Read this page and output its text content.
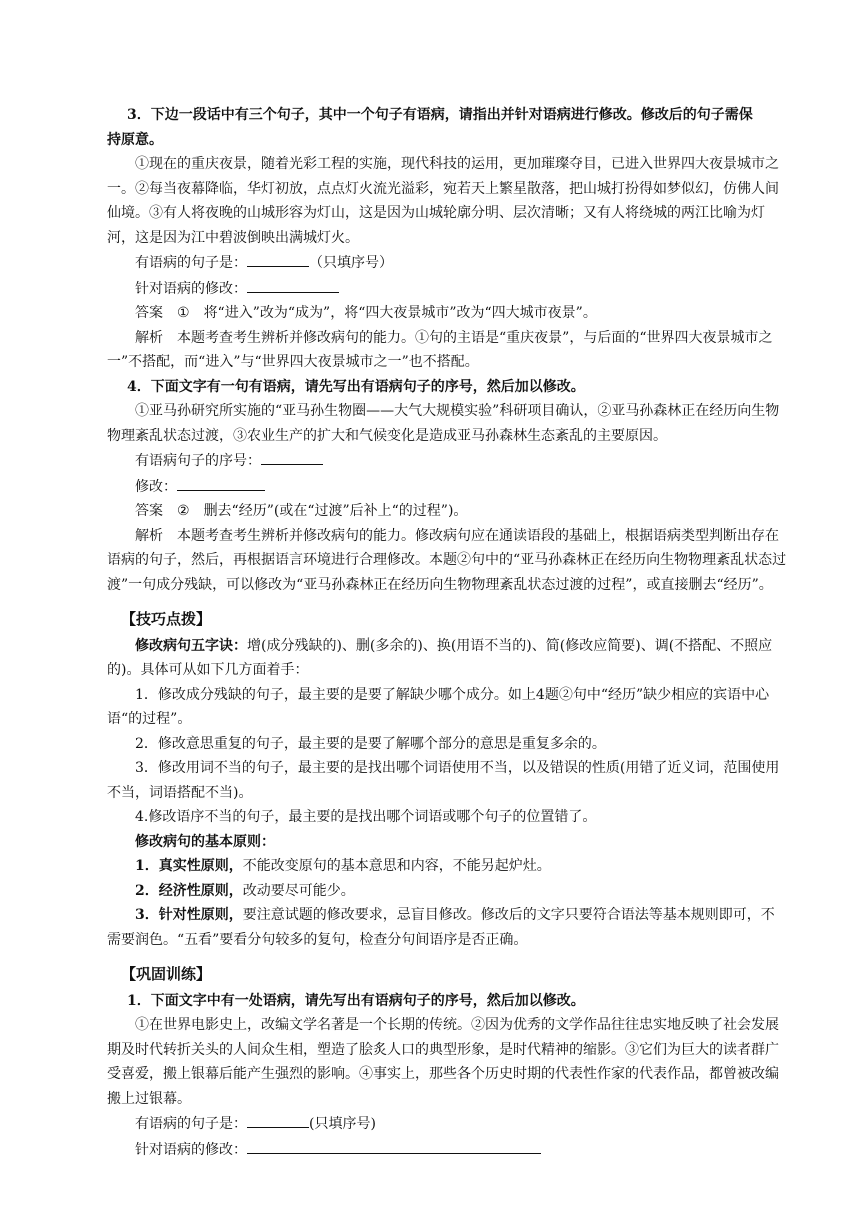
3．下边一段话中有三个句子，其中一个句子有语病，请指出并针对语病进行修改。修改后的句子需保

持原意。

①现在的重庆夜景，随着光彩工程的实施，现代科技的运用，更加璀璨夺目，已进入世界四大夜景城市之一。②每当夜幕降临，华灯初放，点点灯火流光溢彩，宛若天上繁星散落，把山城打扮得如梦似幻，仿佛人间仙境。③有人将夜晚的山城形容为灯山，这是因为山城轮廓分明、层次清晰；又有人将绕城的两江比喻为灯河，这是因为江中碧波倒映出满城灯火。

有语病的句子是：	（只填序号）

针对语病的修改：

答案 ① 将“进入”改为“成为”，将“四大夜景城市”改为“四大城市夜景”。

解析 本题考查考生辨析并修改病句的能力。①句的主语是“重庆夜景”，与后面的“世界四大夜景城市之一”不搭配，而“进入”与“世界四大夜景城市之一”也不搭配。

4．下面文字有一句有语病，请先写出有语病句子的序号，然后加以修改。

①亚马孙研究所实施的“亚马孙生物圈——大气大规模实验”科研项目确认，②亚马孙森林正在经历向生物物理紊乱状态过渡，③农业生产的扩大和气候变化是造成亚马孙森林生态紊乱的主要原因。

有语病句子的序号：

修改：

答案 ② 删去“经历”(或在“过渡”后补上“的过程”)。

解析 本题考查考生辨析并修改病句的能力。修改病句应在通读语段的基础上，根据语病类型判断出存在语病的句子，然后，再根据语言环境进行合理修改。本题②句中的“亚马孙森林正在经历向生物物理紊乱状态过渡”一句成分残缺，可以修改为“亚马孙森林正在经历向生物物理紊乱状态过渡的过程”，或直接删去“经历”。

【技巧点拨】

修改病句五字诀：增(成分残缺的)、删(多余的)、换(用语不当的)、简(修改应简要)、调(不搭配、不照应的)。具体可从如下几方面着手：

1．修改成分残缺的句子，最主要的是要了解缺少哪个成分。如上4题②句中“经历”缺少相应的宾语中心语“的过程”。

2．修改意思重复的句子，最主要的是要了解哪个部分的意思是重复多余的。

3．修改用词不当的句子，最主要的是找出哪个词语使用不当，以及错误的性质(用错了近义词，范围使用不当，词语搭配不当)。

4.修改语序不当的句子，最主要的是找出哪个词语或哪个句子的位置错了。

修改病句的基本原则：

1．真实性原则，不能改变原句的基本意思和内容，不能另起炉灶。

2．经济性原则，改动要尽可能少。

3．针对性原则，要注意试题的修改要求，忌盲目修改。修改后的文字只要符合语法等基本规则即可，不需要润色。“五看”要看分句较多的复句，检查分句间语序是否正确。

【巩固训练】

1．下面文字中有一处语病，请先写出有语病句子的序号，然后加以修改。

①在世界电影史上，改编文学名著是一个长期的传统。②因为优秀的文学作品往往忠实地反映了社会发展期及时代转折关头的人间众生相，塑造了脍炙人口的典型形象，是时代精神的缩影。③它们为巨大的读者群广受喜爱，搬上银幕后能产生强烈的影响。④事实上，那些各个历史时期的代表性作家的代表作品，都曾被改编搬上过银幕。

有语病的句子是：	(只填序号)

针对语病的修改：
